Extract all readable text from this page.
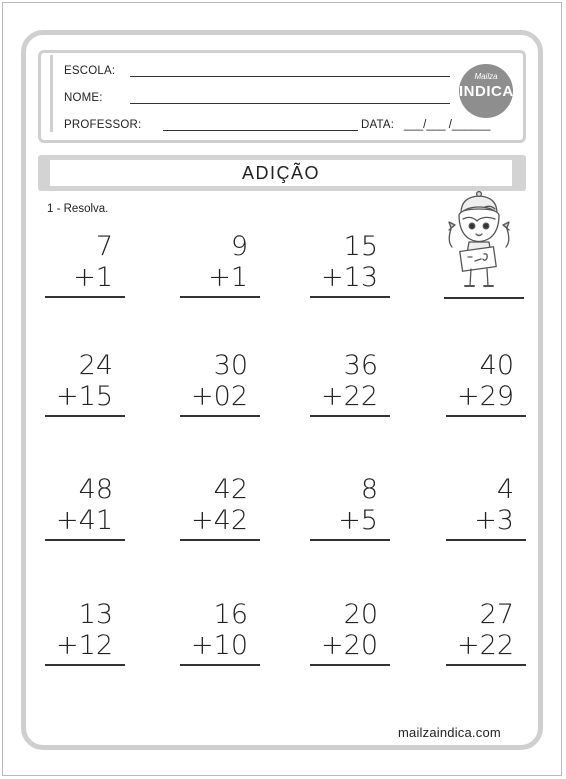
ESCOLA:
NOME:
PROFESSOR:	DATA: ___/___ /______
Mailza
INDICA
ADIÇÃO
1 - Resolva.
7
+1
9
+1
15
+13
24
+15
30
+02
36
+22
40
+29
48
+41
42
+42
8
+5
4
+3
13
+12
16
+10
20
+20
27
+22
mailzaindica.com
